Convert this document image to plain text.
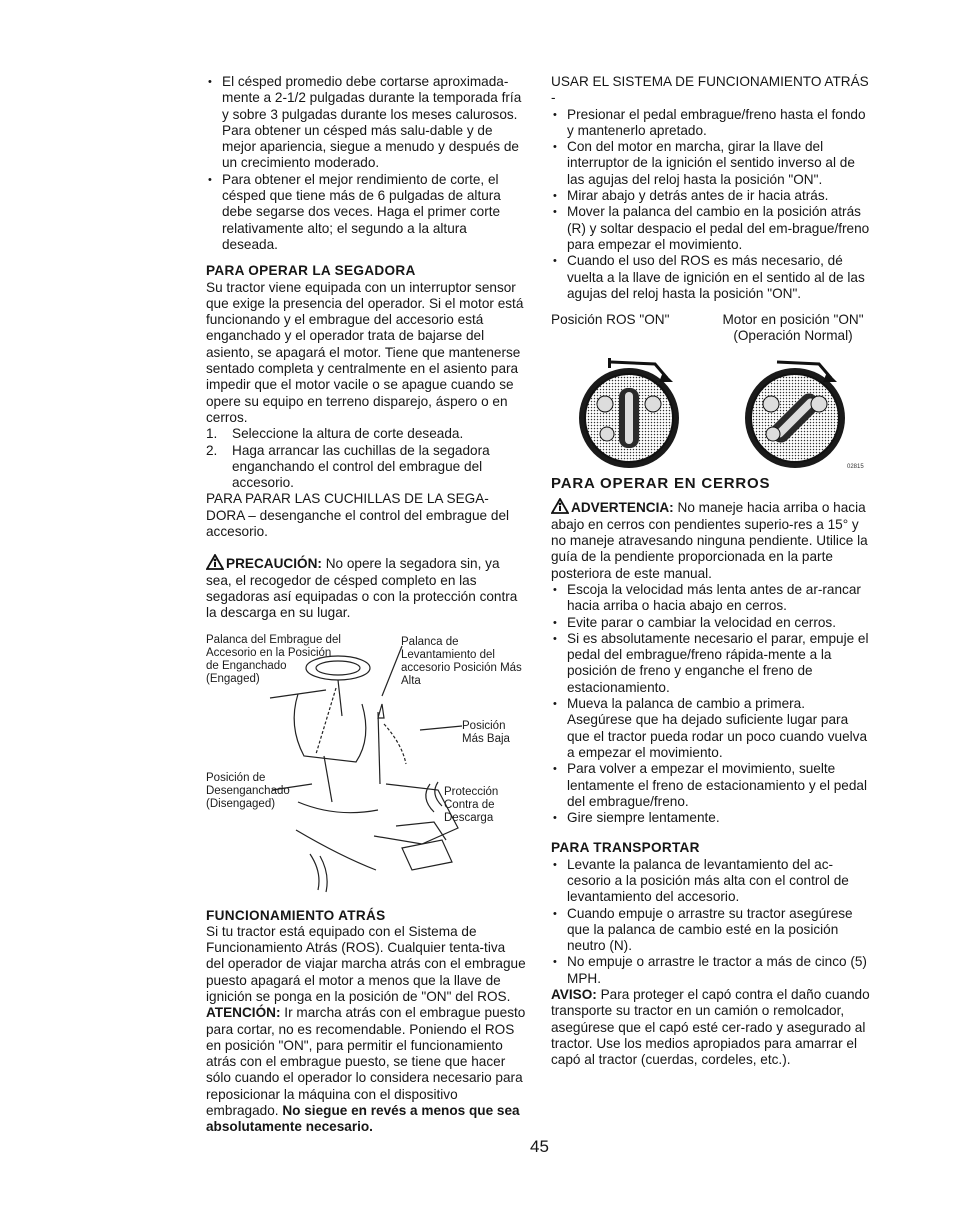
• El césped promedio debe cortarse aproximada-mente a 2-1/2 pulgadas durante la temporada fría y sobre 3 pulgadas durante los meses calurosos. Para obtener un césped más salu-dable y de mejor apariencia, siegue a menudo y después de un crecimiento moderado.
• Para obtener el mejor rendimiento de corte, el césped que tiene más de 6 pulgadas de altura debe segarse dos veces. Haga el primer corte relativamente alto; el segundo a la altura deseada.

PARA OPERAR LA SEGADORA

Su tractor viene equipada con un interruptor sensor que exige la presencia del operador. Si el motor está funcionando y el embrague del accesorio está enganchado y el operador trata de bajarse del asiento, se apagará el motor. Tiene que mantenerse sentado completa y centralmente en el asiento para impedir que el motor vacile o se apague cuando se opere su equipo en terreno disparejo, áspero o en cerros.

1. Seleccione la altura de corte deseada.
2. Haga arrancar las cuchillas de la segadora enganchando el control del embrague del accesorio.

PARA PARAR LAS CUCHILLAS DE LA SEGA-DORA – desenganche el control del embrague del accesorio.

PRECAUCIÓN: No opere la segadora sin, ya sea, el recogedor de césped completo en las segadoras así equipadas o con la protección contra la descarga en su lugar.

Palanca del Embrague del Accesorio en la Posición de Enganchado (Engaged)
Palanca de Levantamiento del accesorio Posición Más Alta
Posición Más Baja
Posición de Desenganchado (Disengaged)
Protección Contra de Descarga

FUNCIONAMIENTO ATRÁS

Si tu tractor está equipado con el Sistema de Funcionamiento Atrás (ROS). Cualquier tenta-tiva del operador de viajar marcha atrás con el embrague puesto apagará el motor a menos que la llave de ignición se ponga en la posición de "ON" del ROS.

ATENCIÓN: Ir marcha atrás con el embrague puesto para cortar, no es recomendable. Poniendo el ROS en posición "ON", para permitir el funcionamiento atrás con el embrague puesto, se tiene que hacer sólo cuando el operador lo considera necesario para reposicionar la máquina con el dispositivo embragado. No siegue en revés a menos que sea absolutamente necesario.

USAR EL SISTEMA DE FUNCIONAMIENTO ATRÁS -

• Presionar el pedal embrague/freno hasta el fondo y mantenerlo apretado.
• Con del motor en marcha, girar la llave del interruptor de la ignición el sentido inverso al de las agujas del reloj hasta la posición "ON".
• Mirar abajo y detrás antes de ir hacia atrás.
• Mover la palanca del cambio en la posición atrás (R) y soltar despacio el pedal del em-brague/freno para empezar el movimiento.
• Cuando el uso del ROS es más necesario, dé vuelta a la llave de ignición en el sentido al de las agujas del reloj hasta la posición "ON".
Posición ROS "ON"	Motor en posición "ON" (Operación Normal)
02815

PARA OPERAR EN CERROS

ADVERTENCIA: No maneje hacia arriba o hacia abajo en cerros con pendientes superio-res a 15° y no maneje atravesando ninguna pendiente. Utilice la guía de la pendiente proporcionada en la parte posteriora de este manual.

• Escoja la velocidad más lenta antes de ar-rancar hacia arriba o hacia abajo en cerros.
• Evite parar o cambiar la velocidad en cerros.
• Si es absolutamente necesario el parar, empuje el pedal del embrague/freno rápida-mente a la posición de freno y enganche el freno de estacionamiento.
• Mueva la palanca de cambio a primera. Asegúrese que ha dejado suficiente lugar para que el tractor pueda rodar un poco cuando vuelva a empezar el movimiento.
• Para volver a empezar el movimiento, suelte lentamente el freno de estacionamiento y el pedal del embrague/freno.
• Gire siempre lentamente.

PARA TRANSPORTAR

• Levante la palanca de levantamiento del ac-cesorio a la posición más alta con el control de levantamiento del accesorio.
• Cuando empuje o arrastre su tractor asegúrese que la palanca de cambio esté en la posición neutro (N).
• No empuje o arrastre le tractor a más de cinco (5) MPH.

AVISO: Para proteger el capó contra el daño cuando transporte su tractor en un camión o remolcador, asegúrese que el capó esté cer-rado y asegurado al tractor. Use los medios apropiados para amarrar el capó al tractor (cuerdas, cordeles, etc.).

45
